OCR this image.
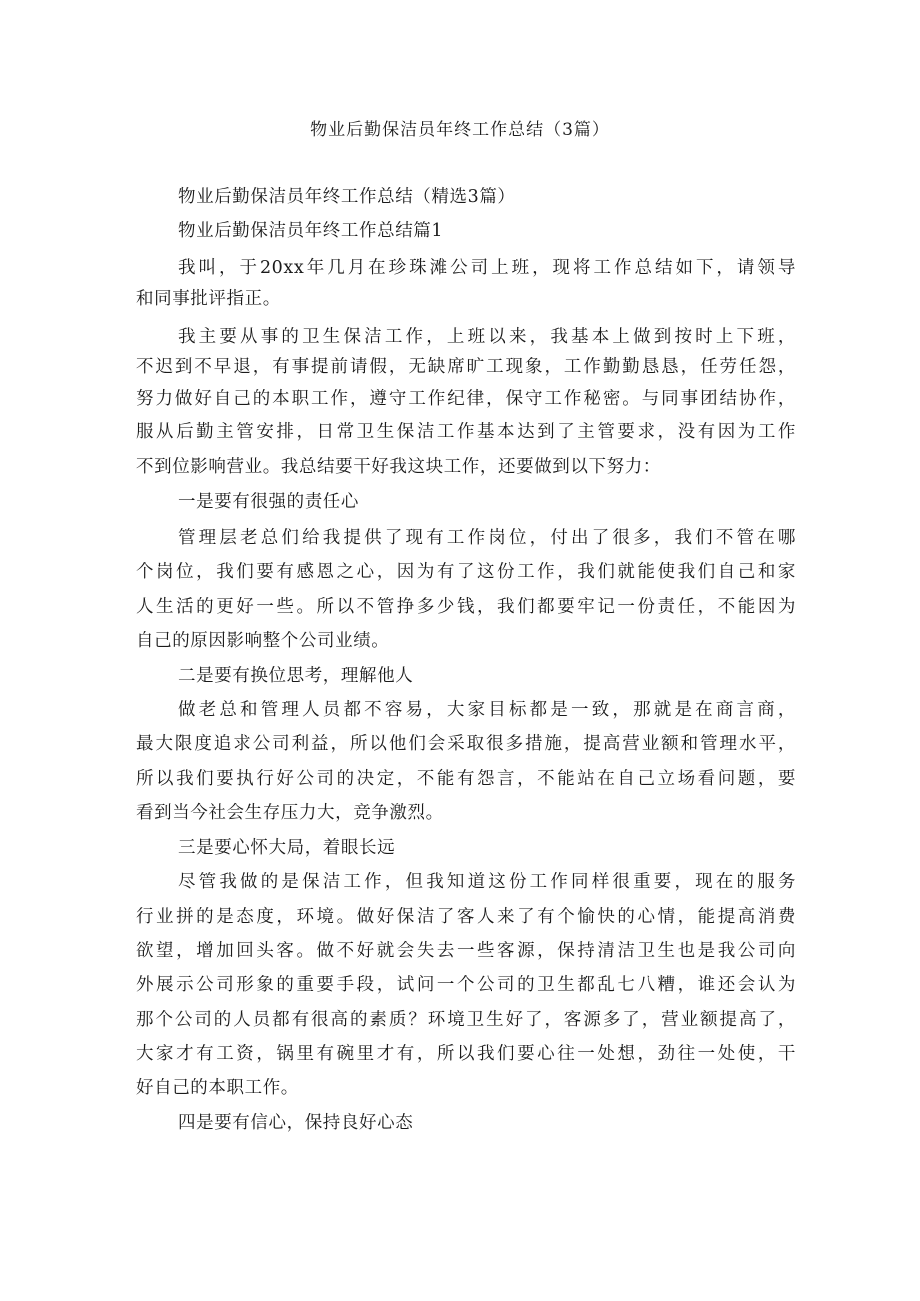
物业后勤保洁员年终工作总结（3篇）

物业后勤保洁员年终工作总结（精选3篇）

物业后勤保洁员年终工作总结篇1

我叫，于20xx年几月在珍珠滩公司上班，现将工作总结如下，请领导

和同事批评指正。

我主要从事的卫生保洁工作，上班以来，我基本上做到按时上下班，

不迟到不早退，有事提前请假，无缺席旷工现象，工作勤勤恳恳，任劳任怨，

努力做好自己的本职工作，遵守工作纪律，保守工作秘密。与同事团结协作，

服从后勤主管安排，日常卫生保洁工作基本达到了主管要求，没有因为工作

不到位影响营业。我总结要干好我这块工作，还要做到以下努力：

一是要有很强的责任心

管理层老总们给我提供了现有工作岗位，付出了很多，我们不管在哪

个岗位，我们要有感恩之心，因为有了这份工作，我们就能使我们自己和家

人生活的更好一些。所以不管挣多少钱，我们都要牢记一份责任，不能因为

自己的原因影响整个公司业绩。

二是要有换位思考，理解他人

做老总和管理人员都不容易，大家目标都是一致，那就是在商言商，

最大限度追求公司利益，所以他们会采取很多措施，提高营业额和管理水平，

所以我们要执行好公司的决定，不能有怨言，不能站在自己立场看问题，要

看到当今社会生存压力大，竞争激烈。

三是要心怀大局，着眼长远

尽管我做的是保洁工作，但我知道这份工作同样很重要，现在的服务

行业拼的是态度，环境。做好保洁了客人来了有个愉快的心情，能提高消费

欲望，增加回头客。做不好就会失去一些客源，保持清洁卫生也是我公司向

外展示公司形象的重要手段，试问一个公司的卫生都乱七八糟，谁还会认为

那个公司的人员都有很高的素质？环境卫生好了，客源多了，营业额提高了，

大家才有工资，锅里有碗里才有，所以我们要心往一处想，劲往一处使，干

好自己的本职工作。

四是要有信心，保持良好心态
